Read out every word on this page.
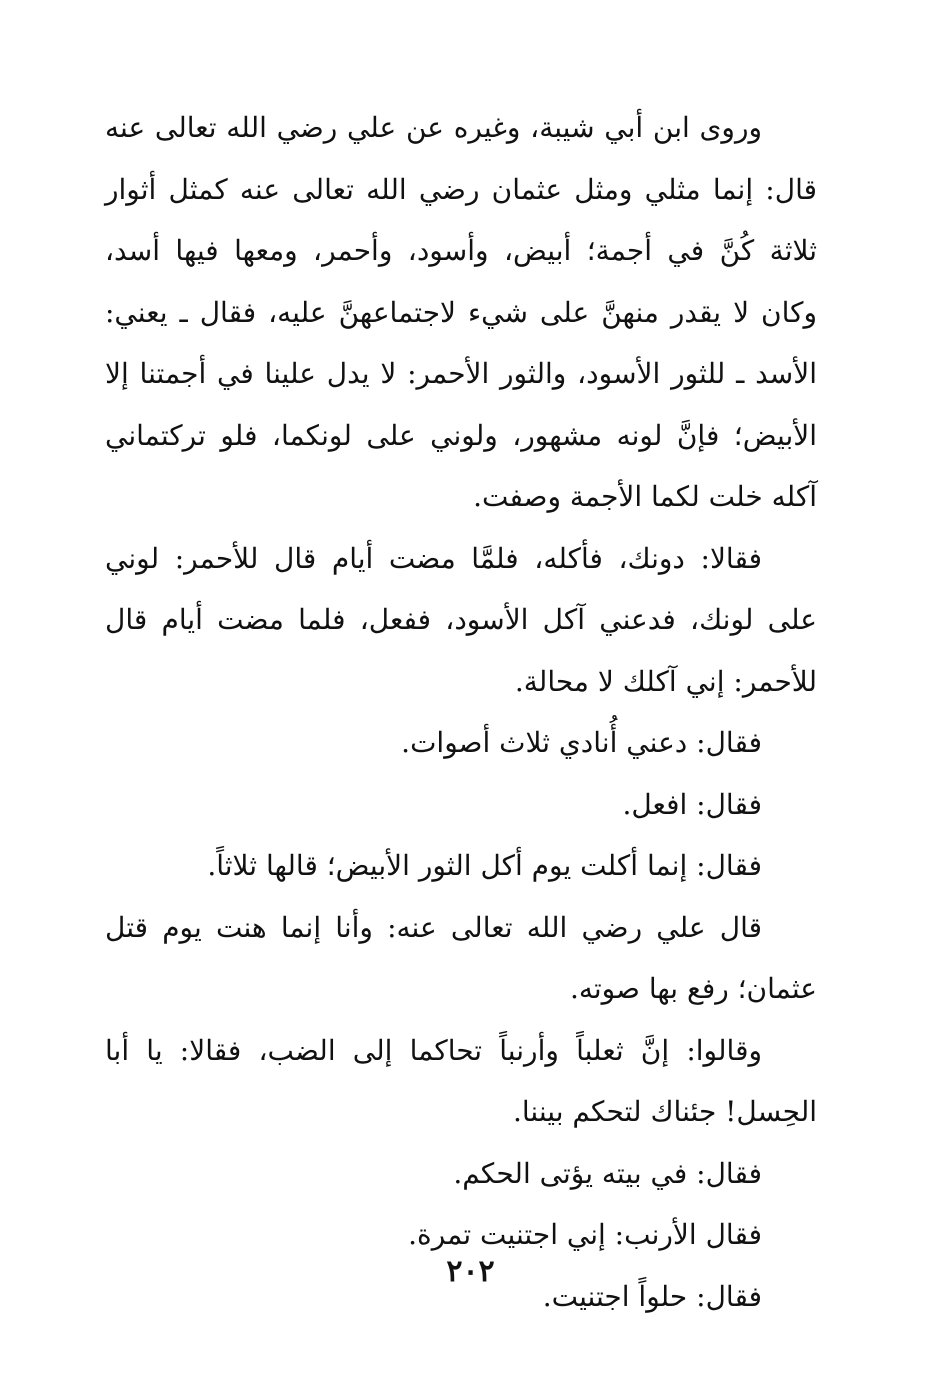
وروى ابن أبي شيبة، وغيره عن علي رضي الله تعالى عنه قال: إنما مثلي ومثل عثمان رضي الله تعالى عنه كمثل أثوار ثلاثة كُنَّ في أجمة؛ أبيض، وأسود، وأحمر، ومعها فيها أسد، وكان لا يقدر منهنَّ على شيء لاجتماعهنَّ عليه، فقال ـ يعني: الأسد ـ للثور الأسود، والثور الأحمر: لا يدل علينا في أجمتنا إلا الأبيض؛ فإنَّ لونه مشهور، ولوني على لونكما، فلو تركتماني آكله خلت لكما الأجمة وصفت.

فقالا: دونك، فأكله، فلمَّا مضت أيام قال للأحمر: لوني على لونك، فدعني آكل الأسود، ففعل، فلما مضت أيام قال للأحمر: إني آكلك لا محالة.

فقال: دعني أُنادي ثلاث أصوات.

فقال: افعل.

فقال: إنما أكلت يوم أكل الثور الأبيض؛ قالها ثلاثاً.

قال علي رضي الله تعالى عنه: وأنا إنما هنت يوم قتل عثمان؛ رفع بها صوته.

وقالوا: إنَّ ثعلباً وأرنباً تحاكما إلى الضب، فقالا: يا أبا الحِسل! جئناك لتحكم بيننا.

فقال: في بيته يؤتى الحكم.

فقال الأرنب: إني اجتنيت تمرة.

فقال: حلواً اجتنيت.

٢٠٢
